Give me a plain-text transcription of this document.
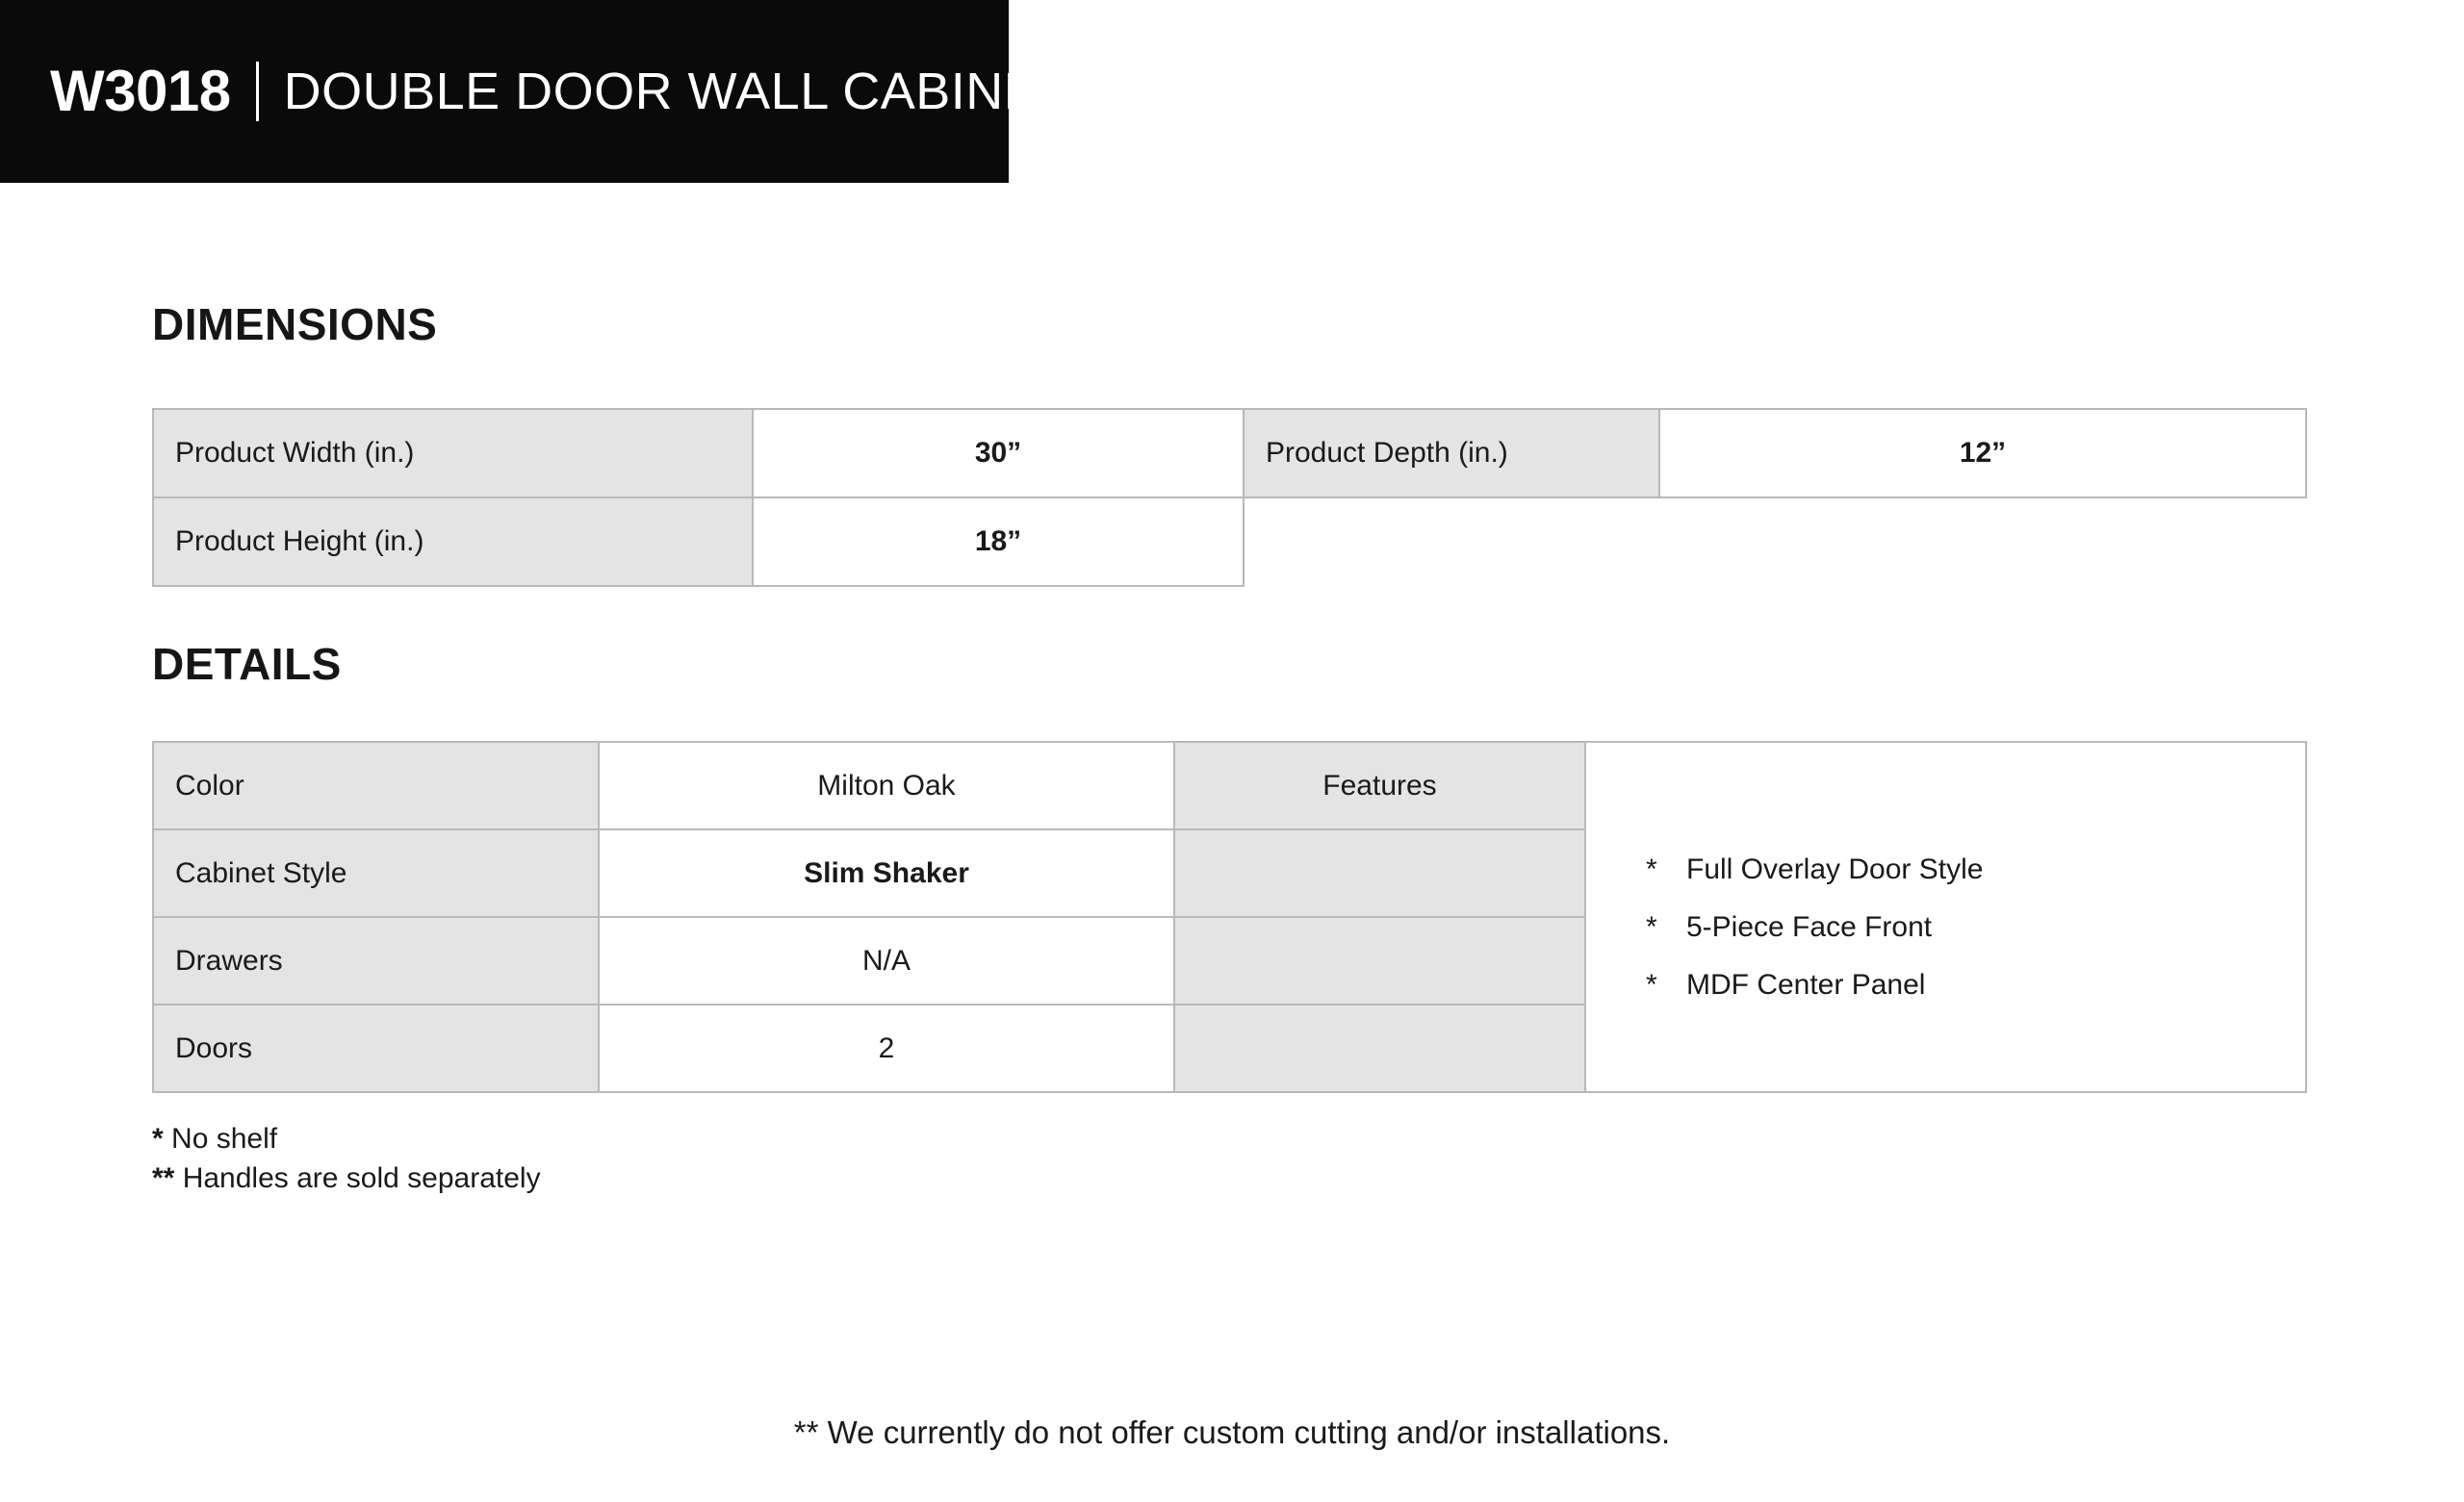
W3018 DOUBLE DOOR WALL CABINET
DIMENSIONS
Product Width (in.)	30”	Product Depth (in.)	12”
Product Height (in.)	18”		
DETAILS
Color	Milton Oak	Features	
* Full Overlay Door Style
* 5-Piece Face Front
* MDF Center Panel

Cabinet Style	Slim Shaker		
Drawers	N/A		
Doors	2		
* No shelf
** Handles are sold separately
** We currently do not offer custom cutting and/or installations.
